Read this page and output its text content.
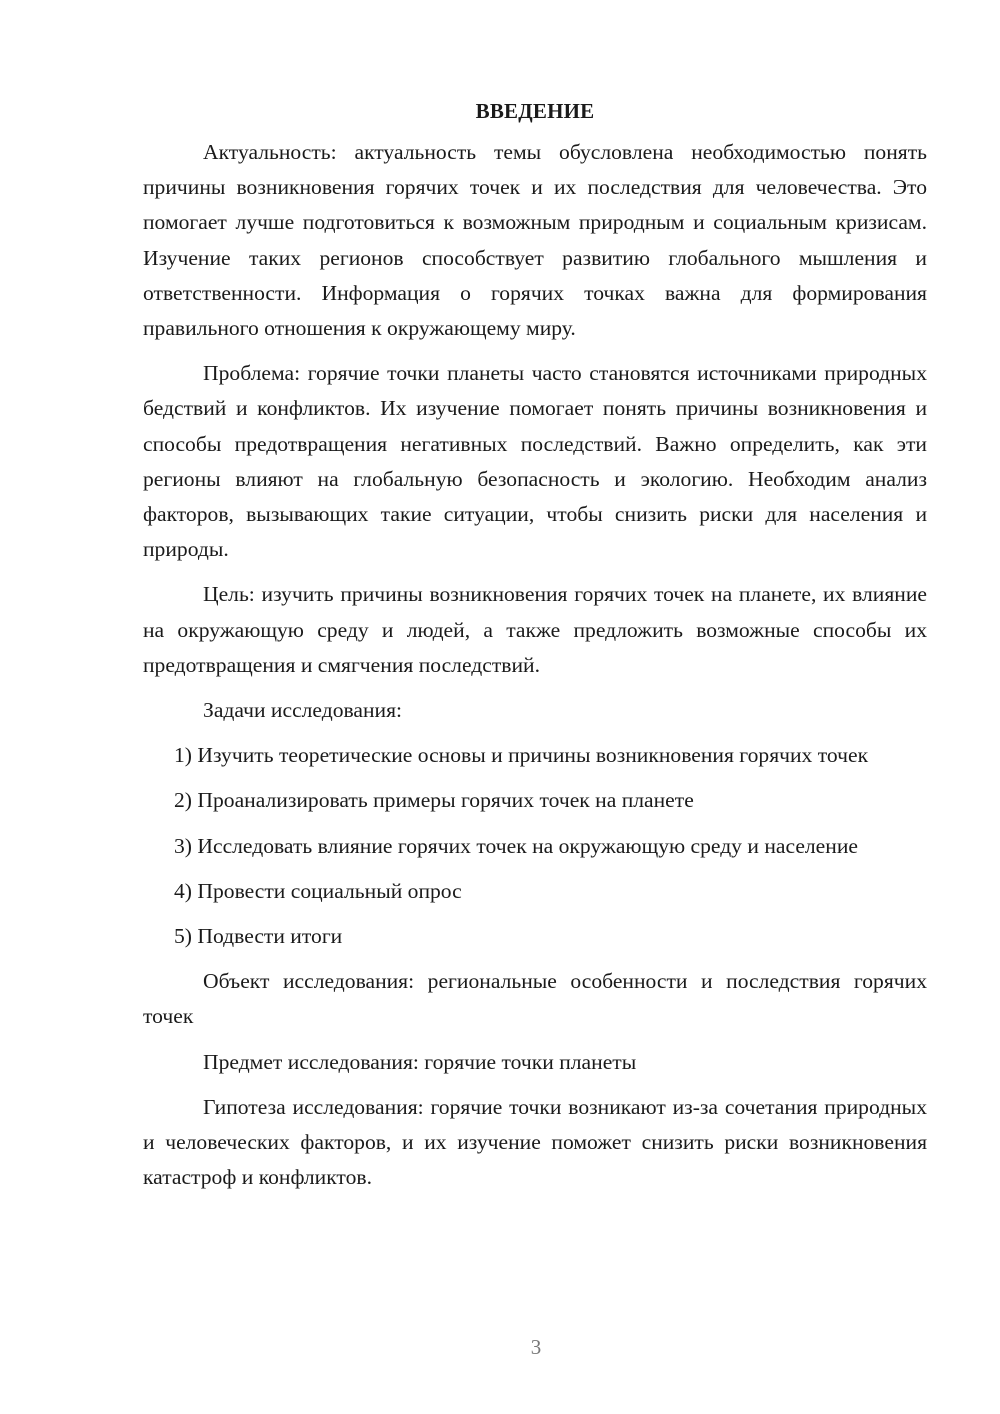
ВВЕДЕНИЕ

Актуальность: актуальность темы обусловлена необходимостью понять причины возникновения горячих точек и их последствия для человечества. Это помогает лучше подготовиться к возможным природным и социальным кризисам. Изучение таких регионов способствует развитию глобального мышления и ответственности. Информация о горячих точках важна для формирования правильного отношения к окружающему миру.

Проблема: горячие точки планеты часто становятся источниками природных бедствий и конфликтов. Их изучение помогает понять причины возникновения и способы предотвращения негативных последствий. Важно определить, как эти регионы влияют на глобальную безопасность и экологию. Необходим анализ факторов, вызывающих такие ситуации, чтобы снизить риски для населения и природы.

Цель: изучить причины возникновения горячих точек на планете, их влияние на окружающую среду и людей, а также предложить возможные способы их предотвращения и смягчения последствий.

Задачи исследования:

1) Изучить теоретические основы и причины возникновения горячих точек

2) Проанализировать примеры горячих точек на планете

3) Исследовать влияние горячих точек на окружающую среду и население

4) Провести социальный опрос

5) Подвести итоги

Объект исследования: региональные особенности и последствия горячих точек

Предмет исследования: горячие точки планеты

Гипотеза исследования: горячие точки возникают из-за сочетания природных и человеческих факторов, и их изучение поможет снизить риски возникновения катастроф и конфликтов.

3
